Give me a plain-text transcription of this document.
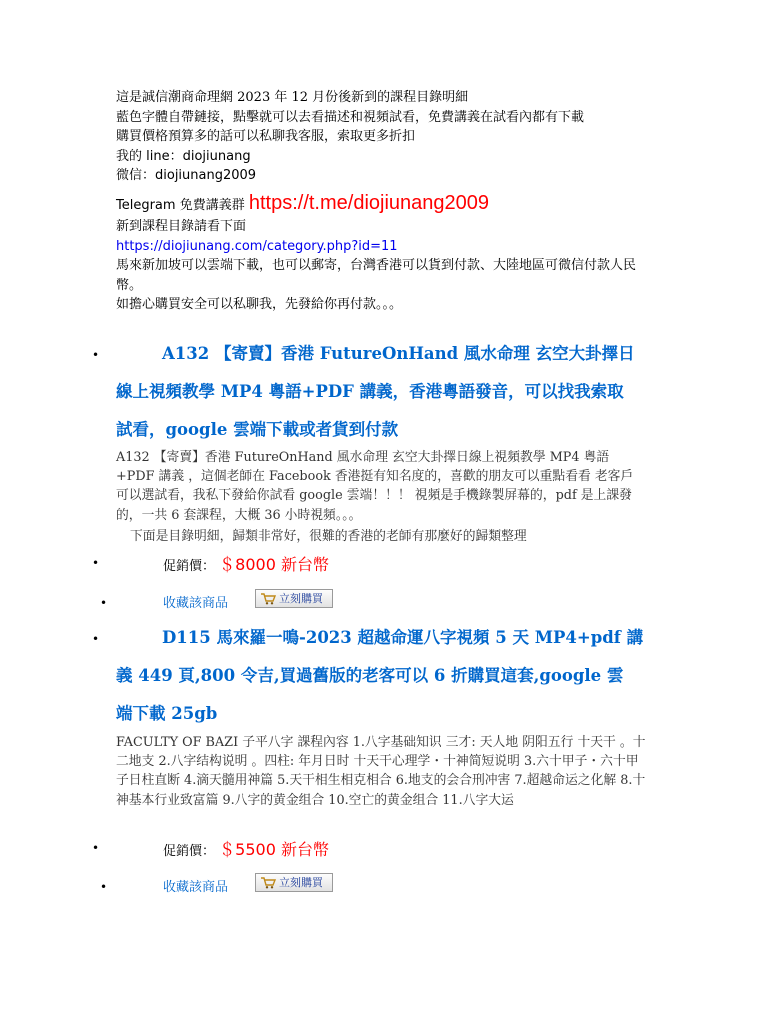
這是誠信潮商命理網 2023 年 12 月份後新到的課程目錄明細
藍色字體自帶鏈接，點擊就可以去看描述和視頻試看，免費講義在試看內都有下載
購買價格預算多的話可以私聊我客服，索取更多折扣
我的 line：diojiunang
微信：diojiunang2009
Telegram 免費講義群 https://t.me/diojiunang2009
新到課程目錄請看下面
https://diojiunang.com/category.php?id=11
馬來新加坡可以雲端下載，也可以郵寄，台灣香港可以貨到付款、大陸地區可微信付款人民幣。
如擔心購買安全可以私聊我，先發給你再付款。。。
•	A132 【寄賣】香港 FutureOnHand 風水命理 玄空大卦擇日
線上視頻教學 MP4 粵語+PDF 講義，香港粵語發音，可以找我索取
試看，google 雲端下載或者貨到付款
A132 【寄賣】香港 FutureOnHand 風水命理 玄空大卦擇日線上視頻教學 MP4 粵語+PDF 講義 ，這個老師在 Facebook 香港挺有知名度的，喜歡的朋友可以重點看看 老客戶可以選試看，我私下發給你試看 google 雲端！！！ 視頻是手機錄製屏幕的，pdf 是上課發的，一共 6 套課程，大概 36 小時視頻。。。
下面是目錄明細，歸類非常好，很難的香港的老師有那麼好的歸類整理
•	促銷價： ＄8000 新台幣
•	收藏該商品	立刻購買
•	D115 馬來羅一鳴-2023 超越命運八字視頻 5 天 MP4+pdf 講
義 449 頁,800 令吉,買過舊版的老客可以 6 折購買這套,google 雲
端下載 25gb
FACULTY OF BAZI 子平八字 課程內容 1.八字基础知识 三才: 天人地 阴阳五行 十天干 。十二地支 2.八字结构说明 。四柱: 年月日时 十天干心理学・十神简短说明 3.六十甲子・六十甲子日柱直断 4.滴天髓用神篇 5.天干相生相克相合 6.地支的会合刑冲害 7.超越命运之化解 8.十神基本行业致富篇 9.八字的黄金组合 10.空亡的黄金组合 11.八字大运
•	促銷價： ＄5500 新台幣
•	收藏該商品	立刻購買
